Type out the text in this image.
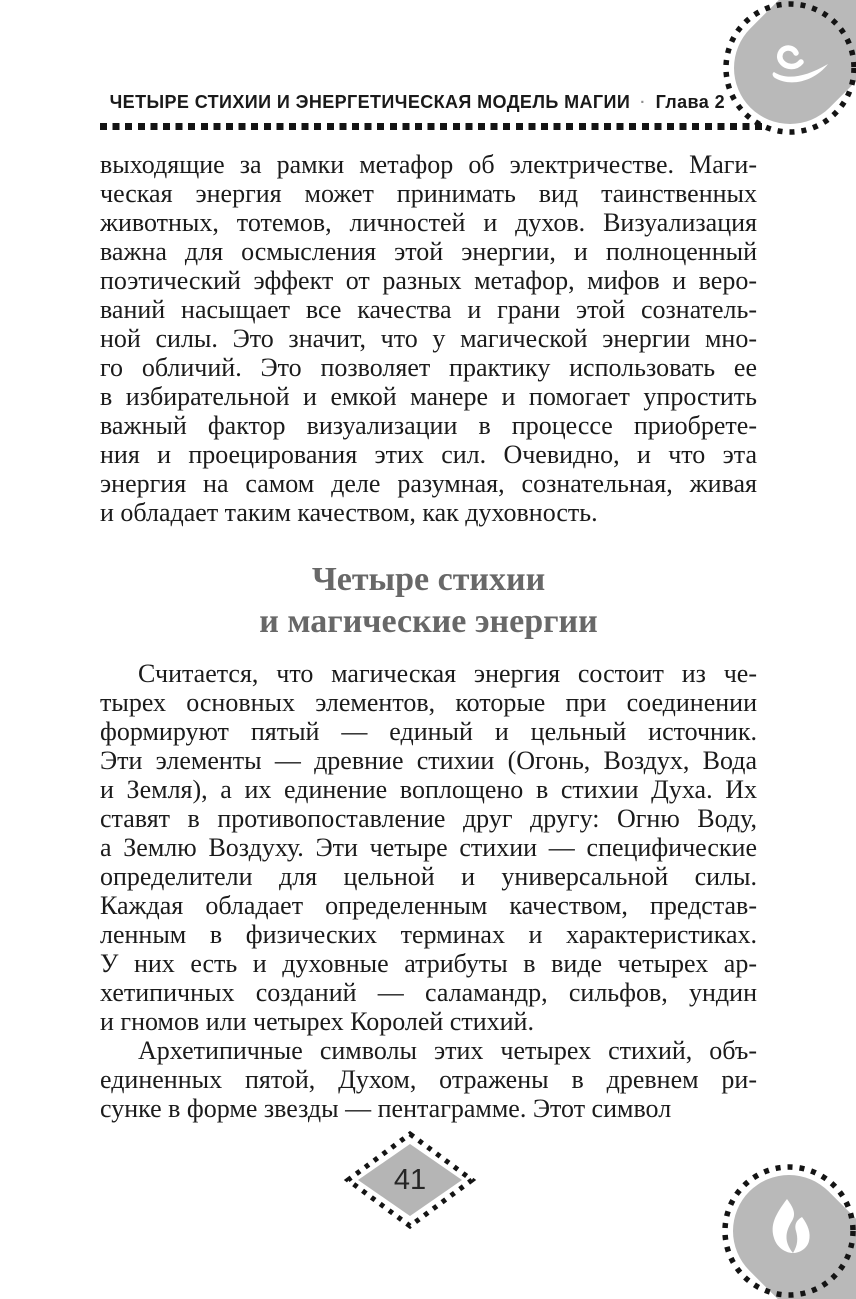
ЧЕТЫРЕ СТИХИИ И ЭНЕРГЕТИЧЕСКАЯ МОДЕЛЬ МАГИИ · Глава 2
выходящие за рамки метафор об электричестве. Маги-
ческая энергия может принимать вид таинственных
животных, тотемов, личностей и духов. Визуализация
важна для осмысления этой энергии, и полноценный
поэтический эффект от разных метафор, мифов и веро-
ваний насыщает все качества и грани этой сознатель-
ной силы. Это значит, что у магической энергии мно-
го обличий. Это позволяет практику использовать ее
в избирательной и емкой манере и помогает упростить
важный фактор визуализации в процессе приобрете-
ния и проецирования этих сил. Очевидно, и что эта
энергия на самом деле разумная, сознательная, живая
и обладает таким качеством, как духовность.
Четыре стихии
и магические энергии
Считается, что магическая энергия состоит из че-
тырех основных элементов, которые при соединении
формируют пятый — единый и цельный источник.
Эти элементы — древние стихии (Огонь, Воздух, Вода
и Земля), а их единение воплощено в стихии Духа. Их
ставят в противопоставление друг другу: Огню Воду,
а Землю Воздуху. Эти четыре стихии — специфические
определители для цельной и универсальной силы.
Каждая обладает определенным качеством, представ-
ленным в физических терминах и характеристиках.
У них есть и духовные атрибуты в виде четырех ар-
хетипичных созданий — саламандр, сильфов, ундин
и гномов или четырех Королей стихий.
Архетипичные символы этих четырех стихий, объ-
единенных пятой, Духом, отражены в древнем ри-
сунке в форме звезды — пентаграмме. Этот символ
41
